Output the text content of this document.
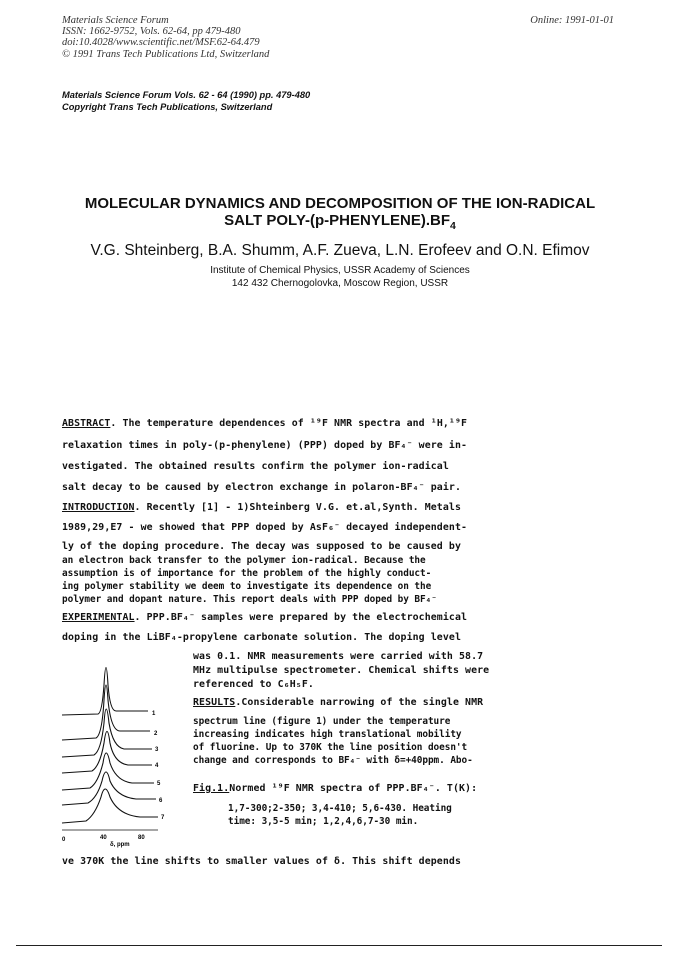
Materials Science Forum
ISSN: 1662-9752, Vols. 62-64, pp 479-480
doi:10.4028/www.scientific.net/MSF.62-64.479
© 1991 Trans Tech Publications Ltd, Switzerland
Online: 1991-01-01
Materials Science Forum Vols. 62 - 64 (1990) pp. 479-480
Copyright Trans Tech Publications, Switzerland
MOLECULAR DYNAMICS AND DECOMPOSITION OF THE ION-RADICAL
SALT POLY-$(p-PHENYLENE).BF_4$
V.G. Shteinberg, B.A. Shumm, A.F. Zueva, L.N. Erofeev and O.N. Efimov
Institute of Chemical Physics, USSR Academy of Sciences
142 432 Chernogolovka, Moscow Region, USSR
ABSTRACT. The temperature dependences of ¹⁹F NMR spectra and ¹H,¹⁹F
relaxation times in poly-(p-phenylene) (PPP) doped by BF₄⁻ were in-
vestigated. The obtained results confirm the polymer ion-radical
salt decay to be caused by electron exchange in polaron-BF₄⁻ pair.
INTRODUCTION. Recently [1] - 1)Shteinberg V.G. et.al,Synth. Metals
1989,29,E7 - we showed that PPP doped by AsF₆⁻ decayed independent-
ly of the doping procedure. The decay was supposed to be caused by
an electron back transfer to the polymer ion-radical. Because the
assumption is of importance for the problem of the highly conduct-
ing polymer stability we deem to investigate its dependence on the
polymer and dopant nature. This report deals with PPP doped by BF₄⁻
EXPERIMENTAL. PPP.BF₄⁻ samples were prepared by the electrochemical
doping in the LiBF₄-propylene carbonate solution. The doping level
was 0.1. NMR measurements were carried with 58.7
MHz multipulse spectrometer. Chemical shifts were
referenced to C₆H₅F.
RESULTS.Considerable narrowing of the single NMR
spectrum line (figure 1) under the temperature
increasing indicates high translational mobility
of fluorine. Up to 370K the line position doesn't
change and corresponds to BF₄⁻ with δ=+40ppm. Abo-
Fig.1.Normed ¹⁹F NMR spectra of PPP.BF₄⁻. T(K):
1,7-300;2-350; 3,4-410; 5,6-430. Heating
time: 3,5-5 min; 1,2,4,6,7-30 min.
ve 370K the line shifts to smaller values of δ. This shift depends
1
2
3
4
5
6
7
0	40	80
δ, ppm
